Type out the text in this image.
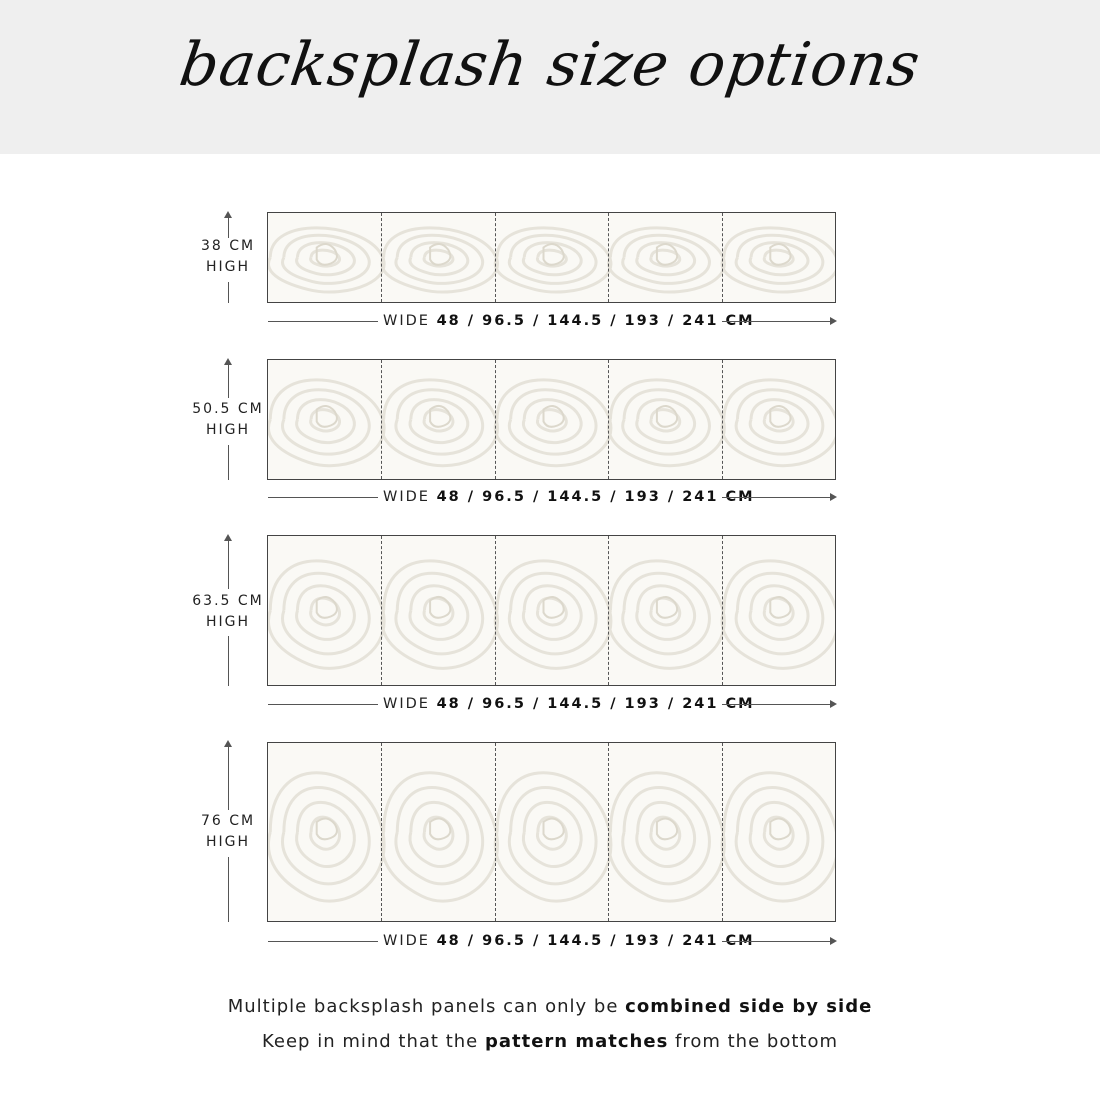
backsplash size options
38 CM
HIGH
WIDE 48 / 96.5 / 144.5 / 193 / 241 CM
50.5 CM
HIGH
WIDE 48 / 96.5 / 144.5 / 193 / 241 CM
63.5 CM
HIGH
WIDE 48 / 96.5 / 144.5 / 193 / 241 CM
76 CM
HIGH
WIDE 48 / 96.5 / 144.5 / 193 / 241 CM
Multiple backsplash panels can only be combined side by side
Keep in mind that the pattern matches from the bottom
